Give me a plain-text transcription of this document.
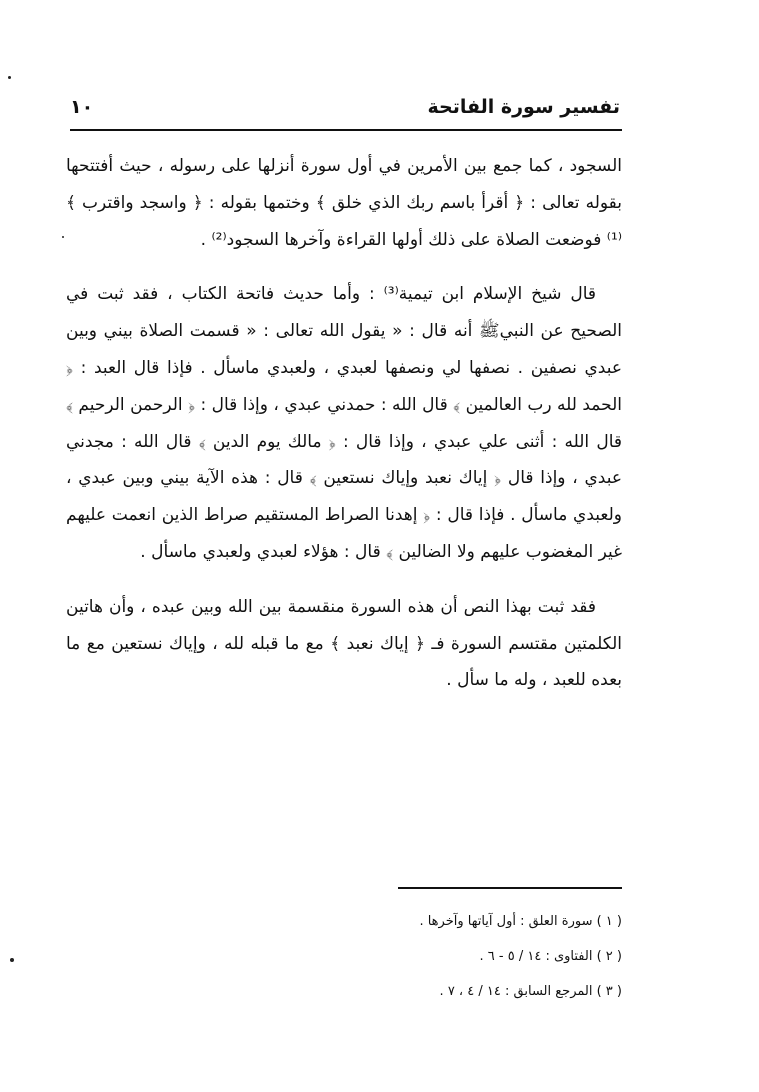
تفسير سورة الفاتحة
١٠

السجود ، كما جمع بين الأمرين في أول سورة أنزلها على رسوله ، حيث أفتتحها بقوله تعالى : ﴿ أقرأ باسم ربك الذي خلق ﴾ وختمها بقوله : ﴿ واسجد واقترب ﴾⁽¹⁾ فوضعت الصلاة على ذلك أولها القراءة وآخرها السجود⁽²⁾ .

قال شيخ الإسلام ابن تيمية⁽³⁾ : وأما حديث فاتحة الكتاب ، فقد ثبت في الصحيح عن النبيﷺ أنه قال : « يقول الله تعالى : « قسمت الصلاة بيني وبين عبدي نصفين . نصفها لي ونصفها لعبدي ، ولعبدي ماسأل . فإذا قال العبد : ﴿ الحمد لله رب العالمين ﴾ قال الله : حمدني عبدي ، وإذا قال : ﴿ الرحمن الرحيم ﴾ قال الله : أثنى علي عبدي ، وإذا قال : ﴿ مالك يوم الدين ﴾ قال الله : مجدني عبدي ، وإذا قال ﴿ إياك نعبد وإياك نستعين ﴾ قال : هذه الآية بيني وبين عبدي ، ولعبدي ماسأل . فإذا قال : ﴿ إهدنا الصراط المستقيم صراط الذين انعمت عليهم غير المغضوب عليهم ولا الضالين ﴾ قال : هؤلاء لعبدي ولعبدي ماسأل .

فقد ثبت بهذا النص أن هذه السورة منقسمة بين الله وبين عبده ، وأن هاتين الكلمتين مقتسم السورة فـ ﴿ إياك نعبد ﴾ مع ما قبله لله ، وإياك نستعين مع ما بعده للعبد ، وله ما سأل .

( ١ ) سورة العلق : أول آياتها وآخرها .
( ٢ ) الفتاوى : ١٤ / ٥ - ٦ .
( ٣ ) المرجع السابق : ١٤ / ٤ ، ٧ .
